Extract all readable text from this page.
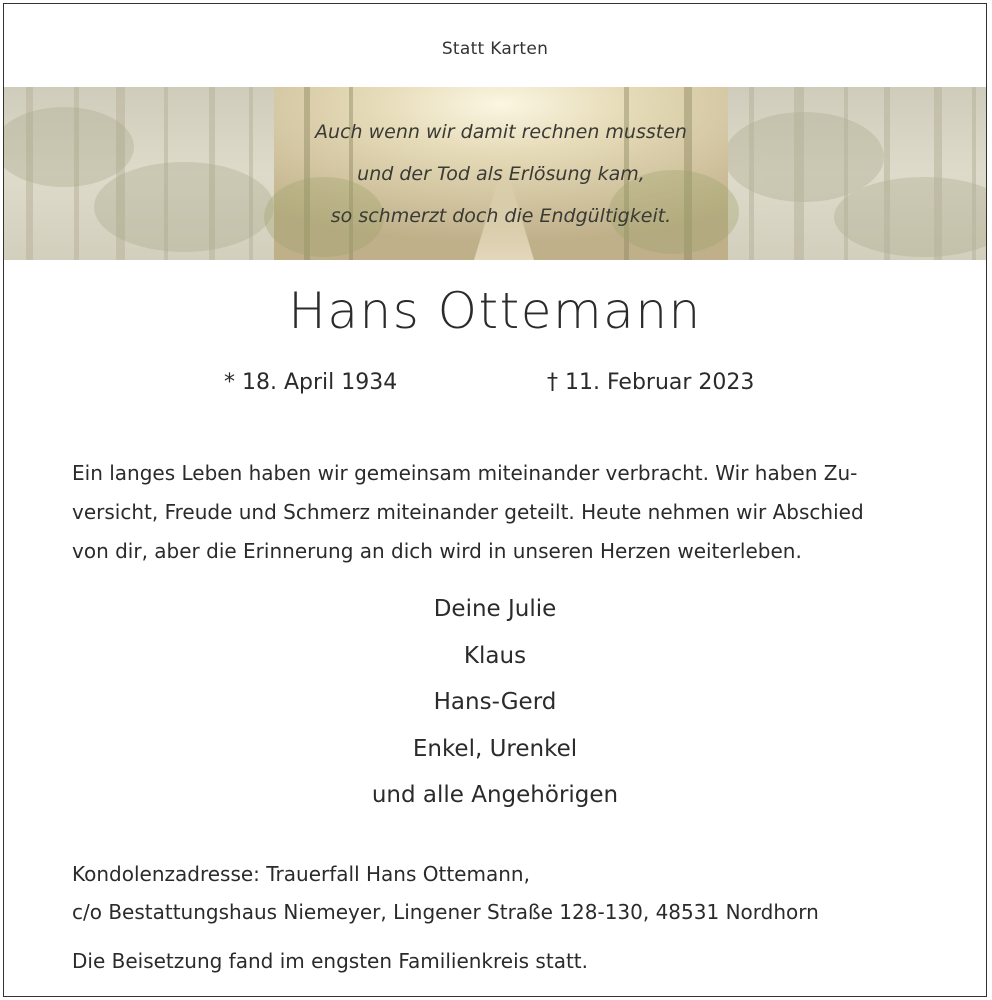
Statt Karten
Auch wenn wir damit rechnen mussten
und der Tod als Erlösung kam,
so schmerzt doch die Endgültigkeit.
Hans Ottemann
* 18. April 1934	† 11. Februar 2023
Ein langes Leben haben wir gemeinsam miteinander verbracht. Wir haben Zu-
versicht, Freude und Schmerz miteinander geteilt. Heute nehmen wir Abschied
von dir, aber die Erinnerung an dich wird in unseren Herzen weiterleben.
Deine Julie
Klaus
Hans-Gerd
Enkel, Urenkel
und alle Angehörigen
Kondolenzadresse: Trauerfall Hans Ottemann,
c/o Bestattungshaus Niemeyer, Lingener Straße 128-130, 48531 Nordhorn
Die Beisetzung fand im engsten Familienkreis statt.
